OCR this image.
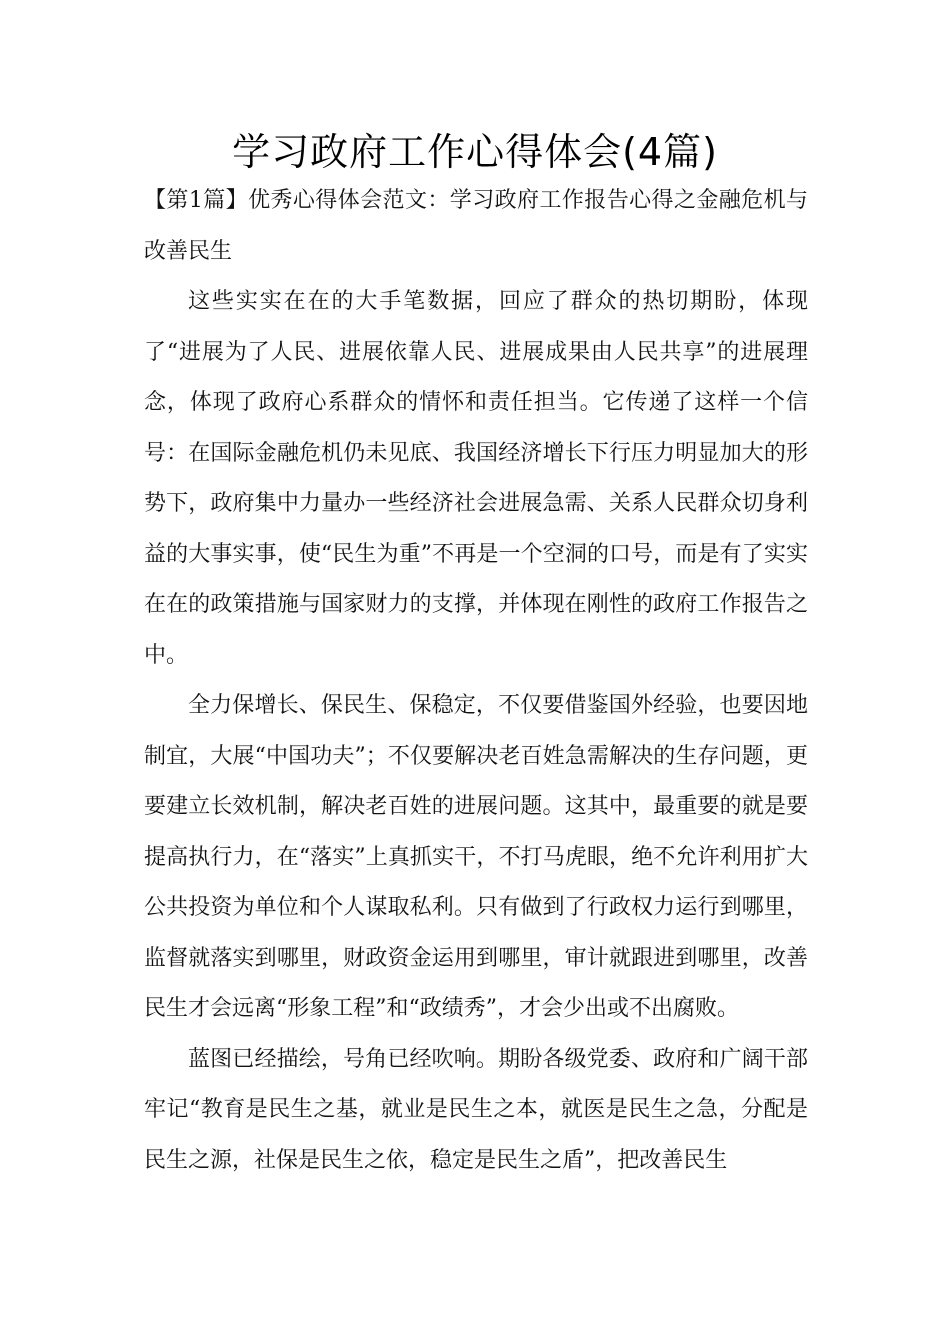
学习政府工作心得体会(4篇)

【第1篇】优秀心得体会范文：学习政府工作报告心得之金融危机与改善民生

这些实实在在的大手笔数据，回应了群众的热切期盼，体现了“进展为了人民、进展依靠人民、进展成果由人民共享”的进展理念，体现了政府心系群众的情怀和责任担当。它传递了这样一个信号：在国际金融危机仍未见底、我国经济增长下行压力明显加大的形势下，政府集中力量办一些经济社会进展急需、关系人民群众切身利益的大事实事，使“民生为重”不再是一个空洞的口号，而是有了实实在在的政策措施与国家财力的支撑，并体现在刚性的政府工作报告之中。

全力保增长、保民生、保稳定，不仅要借鉴国外经验，也要因地制宜，大展“中国功夫”；不仅要解决老百姓急需解决的生存问题，更要建立长效机制，解决老百姓的进展问题。这其中，最重要的就是要提高执行力，在“落实”上真抓实干，不打马虎眼，绝不允许利用扩大公共投资为单位和个人谋取私利。只有做到了行政权力运行到哪里，监督就落实到哪里，财政资金运用到哪里，审计就跟进到哪里，改善民生才会远离“形象工程”和“政绩秀”，才会少出或不出腐败。

蓝图已经描绘，号角已经吹响。期盼各级党委、政府和广阔干部牢记“教育是民生之基，就业是民生之本，就医是民生之急，分配是民生之源，社保是民生之依，稳定是民生之盾”，把改善民生
